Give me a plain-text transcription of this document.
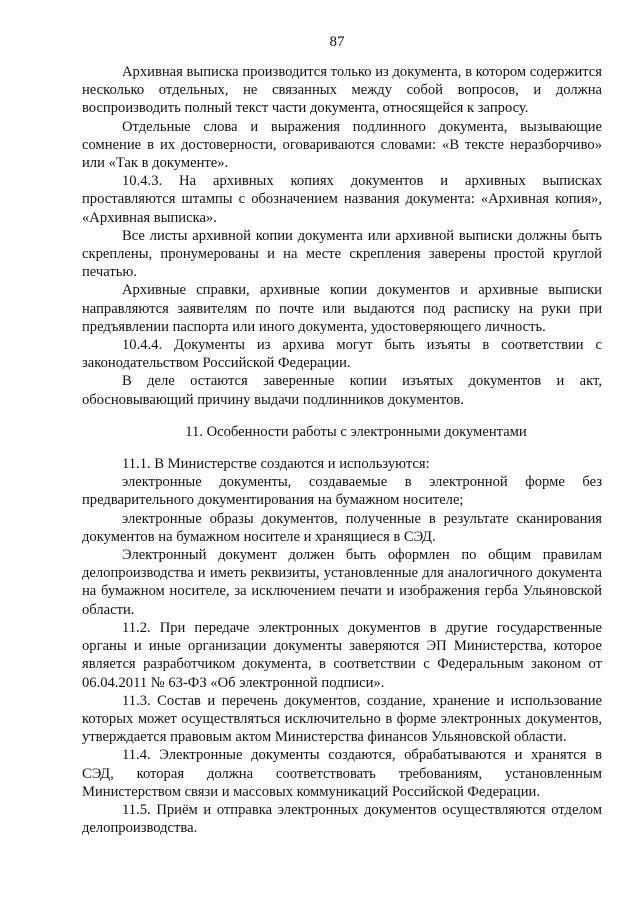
87

Архивная выписка производится только из документа, в котором содержится несколько отдельных, не связанных между собой вопросов, и должна воспроизводить полный текст части документа, относящейся к запросу.

Отдельные слова и выражения подлинного документа, вызывающие сомнение в их достоверности, оговариваются словами: «В тексте неразборчиво» или «Так в документе».

10.4.3. На архивных копиях документов и архивных выписках проставляются штампы с обозначением названия документа: «Архивная копия», «Архивная выписка».

Все листы архивной копии документа или архивной выписки должны быть скреплены, пронумерованы и на месте скрепления заверены простой круглой печатью.

Архивные справки, архивные копии документов и архивные выписки направляются заявителям по почте или выдаются под расписку на руки при предъявлении паспорта или иного документа, удостоверяющего личность.

10.4.4. Документы из архива могут быть изъяты в соответствии с законодательством Российской Федерации.

В деле остаются заверенные копии изъятых документов и акт, обосновывающий причину выдачи подлинников документов.

11. Особенности работы с электронными документами

11.1. В Министерстве создаются и используются:

электронные документы, создаваемые в электронной форме без предварительного документирования на бумажном носителе;

электронные образы документов, полученные в результате сканирования документов на бумажном носителе и хранящиеся в СЭД.

Электронный документ должен быть оформлен по общим правилам делопроизводства и иметь реквизиты, установленные для аналогичного документа на бумажном носителе, за исключением печати и изображения герба Ульяновской области.

11.2. При передаче электронных документов в другие государственные органы и иные организации документы заверяются ЭП Министерства, которое является разработчиком документа, в соответствии с Федеральным законом от 06.04.2011 № 63-ФЗ «Об электронной подписи».

11.3. Состав и перечень документов, создание, хранение и использование которых может осуществляться исключительно в форме электронных документов, утверждается правовым актом Министерства финансов Ульяновской области.

11.4. Электронные документы создаются, обрабатываются и хранятся в СЭД, которая должна соответствовать требованиям, установленным Министерством связи и массовых коммуникаций Российской Федерации.

11.5. Приём и отправка электронных документов осуществляются отделом делопроизводства.
